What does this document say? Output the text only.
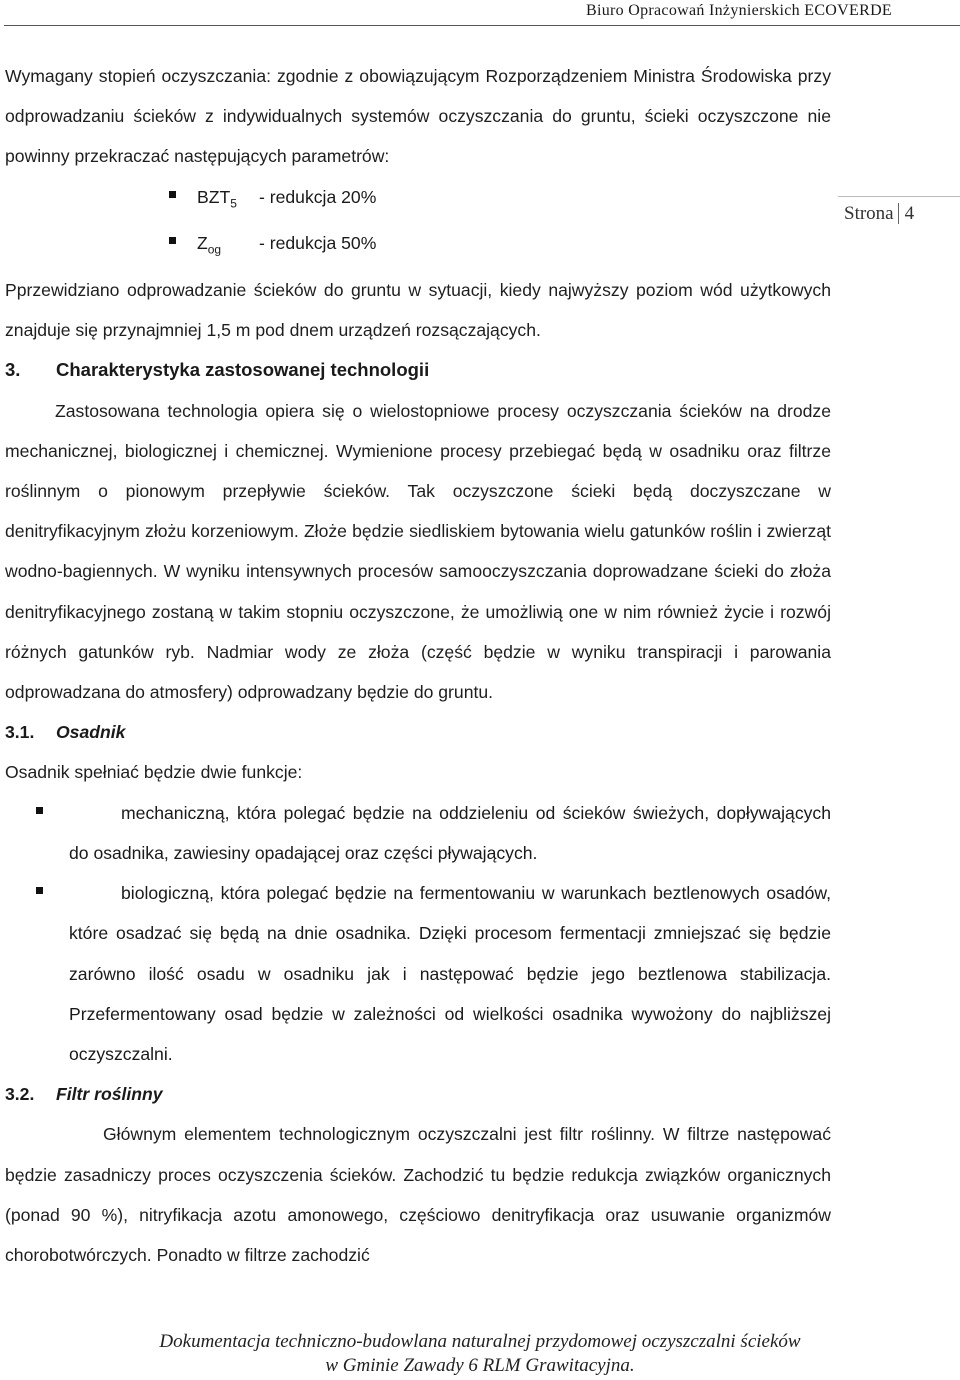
Biuro Opracowań Inżynierskich ECOVERDE
Strona 4

Wymagany stopień oczyszczania: zgodnie z obowiązującym Rozporządzeniem Ministra Środowiska przy odprowadzaniu ścieków z indywidualnych systemów oczyszczania do gruntu, ścieki oczyszczone nie powinny przekraczać następujących parametrów:

$BZT_5$ - redukcja 20%
$Z_{og}$ - redukcja 50%

Pprzewidziano odprowadzanie ścieków do gruntu w sytuacji, kiedy najwyższy poziom wód użytkowych znajduje się przynajmniej 1,5 m pod dnem urządzeń rozsączających.

3. Charakterystyka zastosowanej technologii

Zastosowana technologia opiera się o wielostopniowe procesy oczyszczania ścieków na drodze mechanicznej, biologicznej i chemicznej. Wymienione procesy przebiegać będą w osadniku oraz filtrze roślinnym o pionowym przepływie ścieków. Tak oczyszczone ścieki będą doczyszczane w denitryfikacyjnym złożu korzeniowym. Złoże będzie siedliskiem bytowania wielu gatunków roślin i zwierząt wodno-bagiennych. W wyniku intensywnych procesów samooczyszczania doprowadzane ścieki do złoża denitryfikacyjnego zostaną w takim stopniu oczyszczone, że umożliwią one w nim również życie i rozwój różnych gatunków ryb. Nadmiar wody ze złoża (część będzie w wyniku transpiracji i parowania odprowadzana do atmosfery) odprowadzany będzie do gruntu.

3.1. Osadnik

Osadnik spełniać będzie dwie funkcje:

mechaniczną, która polegać będzie na oddzieleniu od ścieków świeżych, dopływających do osadnika, zawiesiny opadającej oraz części pływających.
biologiczną, która polegać będzie na fermentowaniu w warunkach beztlenowych osadów, które osadzać się będą na dnie osadnika. Dzięki procesom fermentacji zmniejszać się będzie zarówno ilość osadu w osadniku jak i następować będzie jego beztlenowa stabilizacja. Przefermentowany osad będzie w zależności od wielkości osadnika wywożony do najbliższej oczyszczalni.
3.2. Filtr roślinny

Głównym elementem technologicznym oczyszczalni jest filtr roślinny. W filtrze następować będzie zasadniczy proces oczyszczenia ścieków. Zachodzić tu będzie redukcja związków organicznych (ponad 90 %), nitryfikacja azotu amonowego, częściowo denitryfikacja oraz usuwanie organizmów chorobotwórczych. Ponadto w filtrze zachodzić

Dokumentacja techniczno-budowlana naturalnej przydomowej oczyszczalni ścieków
w Gminie Zawady 6 RLM Grawitacyjna.
